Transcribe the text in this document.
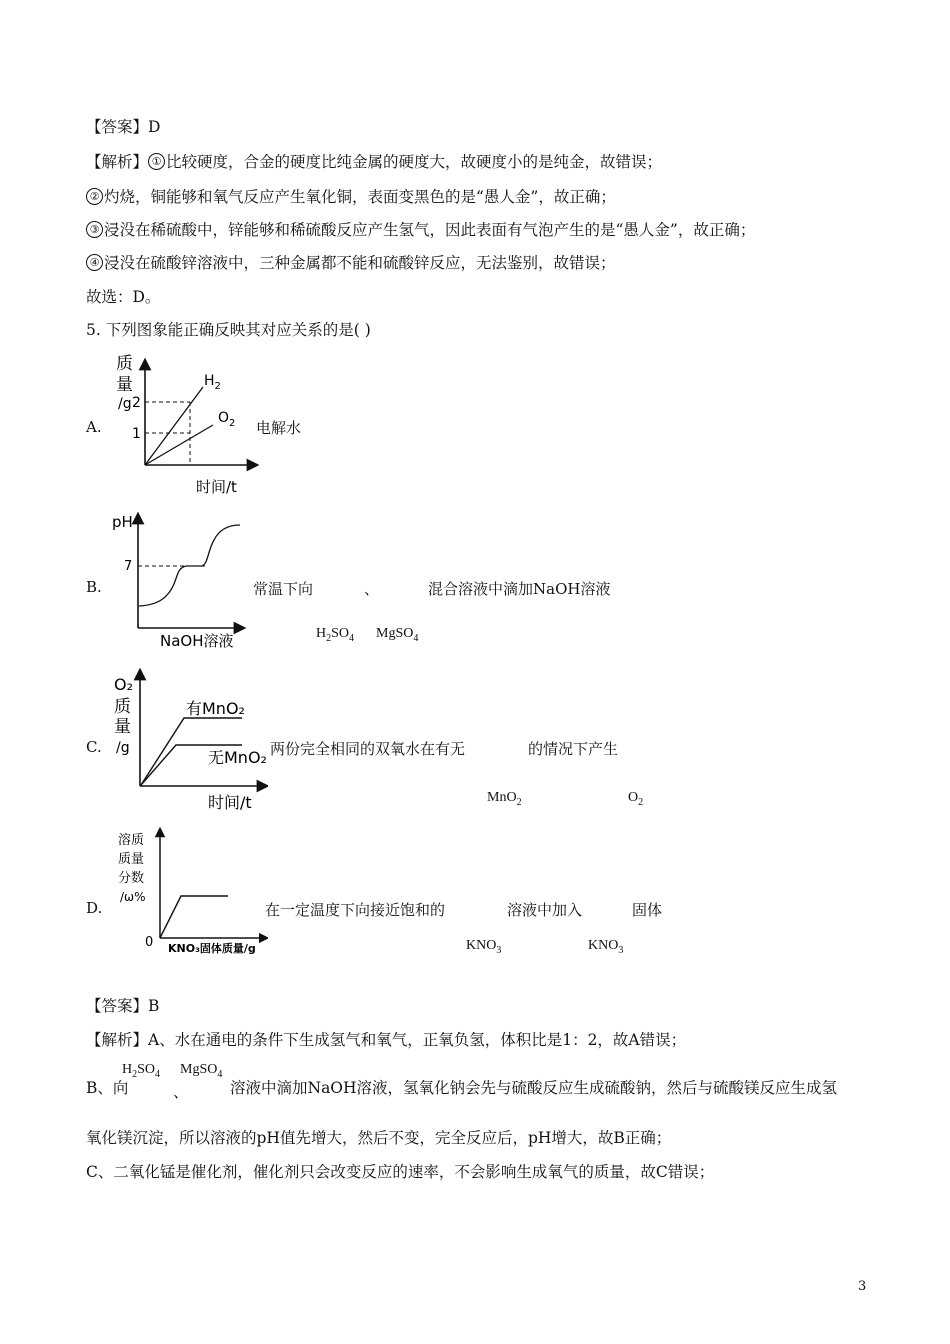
【答案】D
【解析】 ① 比较硬度，合金的硬度比纯金属的硬度大，故硬度小的是纯金，故错误；
② 灼烧，铜能够和氧气反应产生氧化铜，表面变黑色的是“愚人金”，故正确；
③ 浸没在稀硫酸中，锌能够和稀硫酸反应产生氢气，因此表面有气泡产生的是“愚人金”，故正确；
④ 浸没在硫酸锌溶液中，三种金属都不能和硫酸锌反应，无法鉴别，故错误；
故选：D。
5. 下列图象能正确反映其对应关系的是( )
A.
质
量
/g 2
1
$H_2$
$O_2$
时间/t
电解水
B.
pH
7
NaOH溶液
常温下向	、	混合溶液中滴加NaOH溶液
$H_2SO_4$ MgSO$_4$
C.
O₂
质
量
/g
有MnO₂
无MnO₂
时间/t
两份完全相同的双氧水在有无	的情况下产生
MnO$_2$	$O_2$
D.
溶质
质量
分数
/ω%
0 KNO₃固体质量/g
在一定温度下向接近饱和的	溶液中加入	固体
$KNO_3$	$KNO_3$
【答案】B
【解析】A、水在通电的条件下生成氢气和氧气，正氧负氢，体积比是1：2，故A错误；
$H_2SO_4$ MgSO$_4$
B、向	、	溶液中滴加NaOH溶液，氢氧化钠会先与硫酸反应生成硫酸钠，然后与硫酸镁反应生成氢
氧化镁沉淀，所以溶液的pH值先增大，然后不变，完全反应后，pH增大，故B正确；
C、二氧化锰是催化剂，催化剂只会改变反应的速率，不会影响生成氧气的质量，故C错误；
3
